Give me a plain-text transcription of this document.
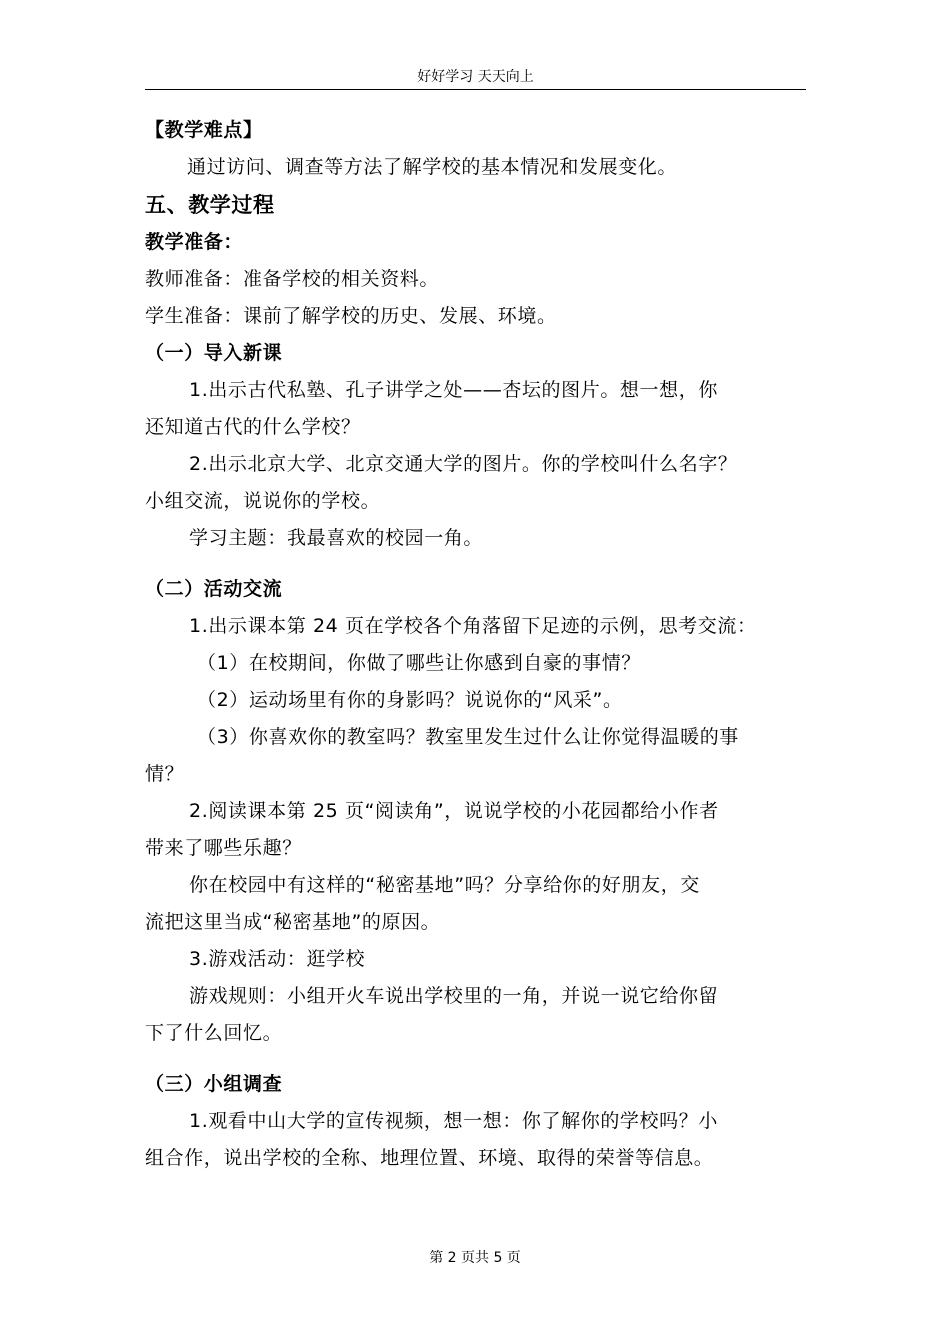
好好学习 天天向上
【教学难点】
通过访问、调查等方法了解学校的基本情况和发展变化。
五、教学过程
教学准备：
教师准备：准备学校的相关资料。
学生准备：课前了解学校的历史、发展、环境。
（一）导入新课
1.出示古代私塾、孔子讲学之处——杏坛的图片。想一想，你
还知道古代的什么学校？
2.出示北京大学、北京交通大学的图片。你的学校叫什么名字？
小组交流，说说你的学校。
学习主题：我最喜欢的校园一角。
（二）活动交流
1.出示课本第 24 页在学校各个角落留下足迹的示例，思考交流：
（1）在校期间，你做了哪些让你感到自豪的事情？
（2）运动场里有你的身影吗？说说你的“风采”。
（3）你喜欢你的教室吗？教室里发生过什么让你觉得温暖的事
情？
2.阅读课本第 25 页“阅读角”，说说学校的小花园都给小作者
带来了哪些乐趣？
你在校园中有这样的“秘密基地”吗？分享给你的好朋友，交
流把这里当成“秘密基地”的原因。
3.游戏活动：逛学校
游戏规则：小组开火车说出学校里的一角，并说一说它给你留
下了什么回忆。
（三）小组调查
1.观看中山大学的宣传视频，想一想：你了解你的学校吗？小
组合作，说出学校的全称、地理位置、环境、取得的荣誉等信息。
第 2 页共 5 页
